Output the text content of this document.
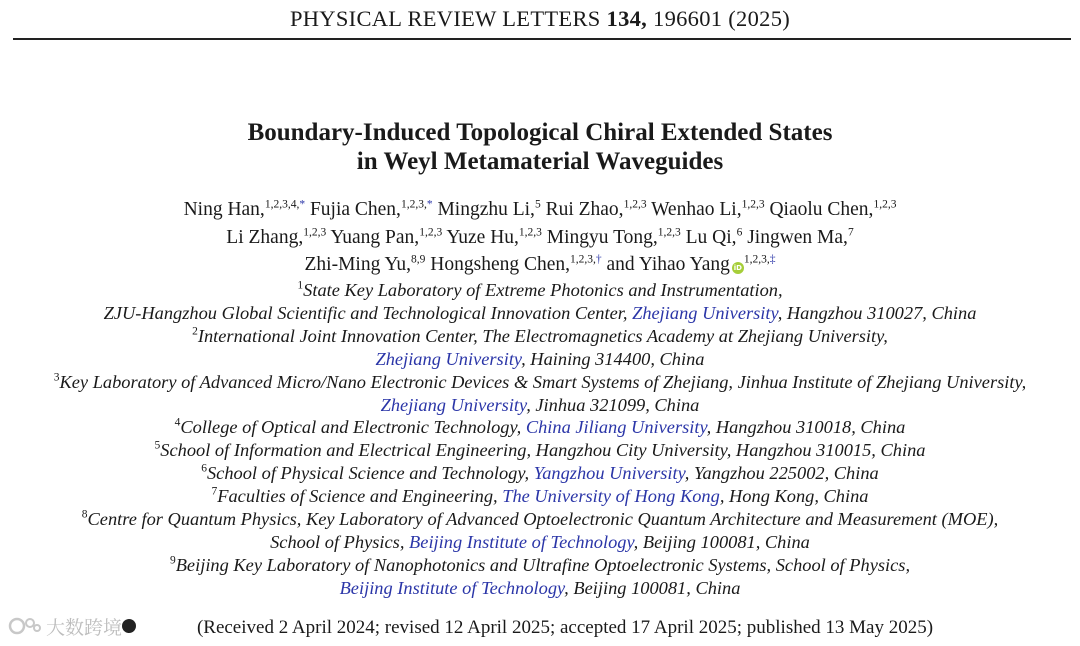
PHYSICAL REVIEW LETTERS 134, 196601 (2025)
Boundary-Induced Topological Chiral Extended States
in Weyl Metamaterial Waveguides
Ning Han,$^{1,2,3,4,*}$ Fujia Chen,$^{1,2,3,*}$ Mingzhu Li,$^5$ Rui Zhao,$^{1,2,3}$ Wenhao Li,$^{1,2,3}$ Qiaolu Chen,$^{1,2,3}$
Li Zhang,$^{1,2,3}$ Yuang Pan,$^{1,2,3}$ Yuze Hu,$^{1,2,3}$ Mingyu Tong,$^{1,2,3}$ Lu Qi,$^6$ Jingwen Ma,$^7$
Zhi-Ming Yu,$^{8,9}$ Hongsheng Chen,$^{1,2,3,\dagger}$ and Yihao Yang $iD^{1,2,3,\ddagger}$
$^1$State Key Laboratory of Extreme Photonics and Instrumentation,
ZJU-Hangzhou Global Scientific and Technological Innovation Center, Zhejiang University, Hangzhou 310027, China
$^2$International Joint Innovation Center, The Electromagnetics Academy at Zhejiang University,
Zhejiang University, Haining 314400, China
$^3$Key Laboratory of Advanced Micro/Nano Electronic Devices & Smart Systems of Zhejiang, Jinhua Institute of Zhejiang University,
Zhejiang University, Jinhua 321099, China
$^4$College of Optical and Electronic Technology, China Jiliang University, Hangzhou 310018, China
$^5$School of Information and Electrical Engineering, Hangzhou City University, Hangzhou 310015, China
$^6$School of Physical Science and Technology, Yangzhou University, Yangzhou 225002, China
$^7$Faculties of Science and Engineering, The University of Hong Kong, Hong Kong, China
$^8$Centre for Quantum Physics, Key Laboratory of Advanced Optoelectronic Quantum Architecture and Measurement (MOE),
School of Physics, Beijing Institute of Technology, Beijing 100081, China
$^9$Beijing Key Laboratory of Nanophotonics and Ultrafine Optoelectronic Systems, School of Physics,
Beijing Institute of Technology, Beijing 100081, China
(Received 2 April 2024; revised 12 April 2025; accepted 17 April 2025; published 13 May 2025)
大数跨境
